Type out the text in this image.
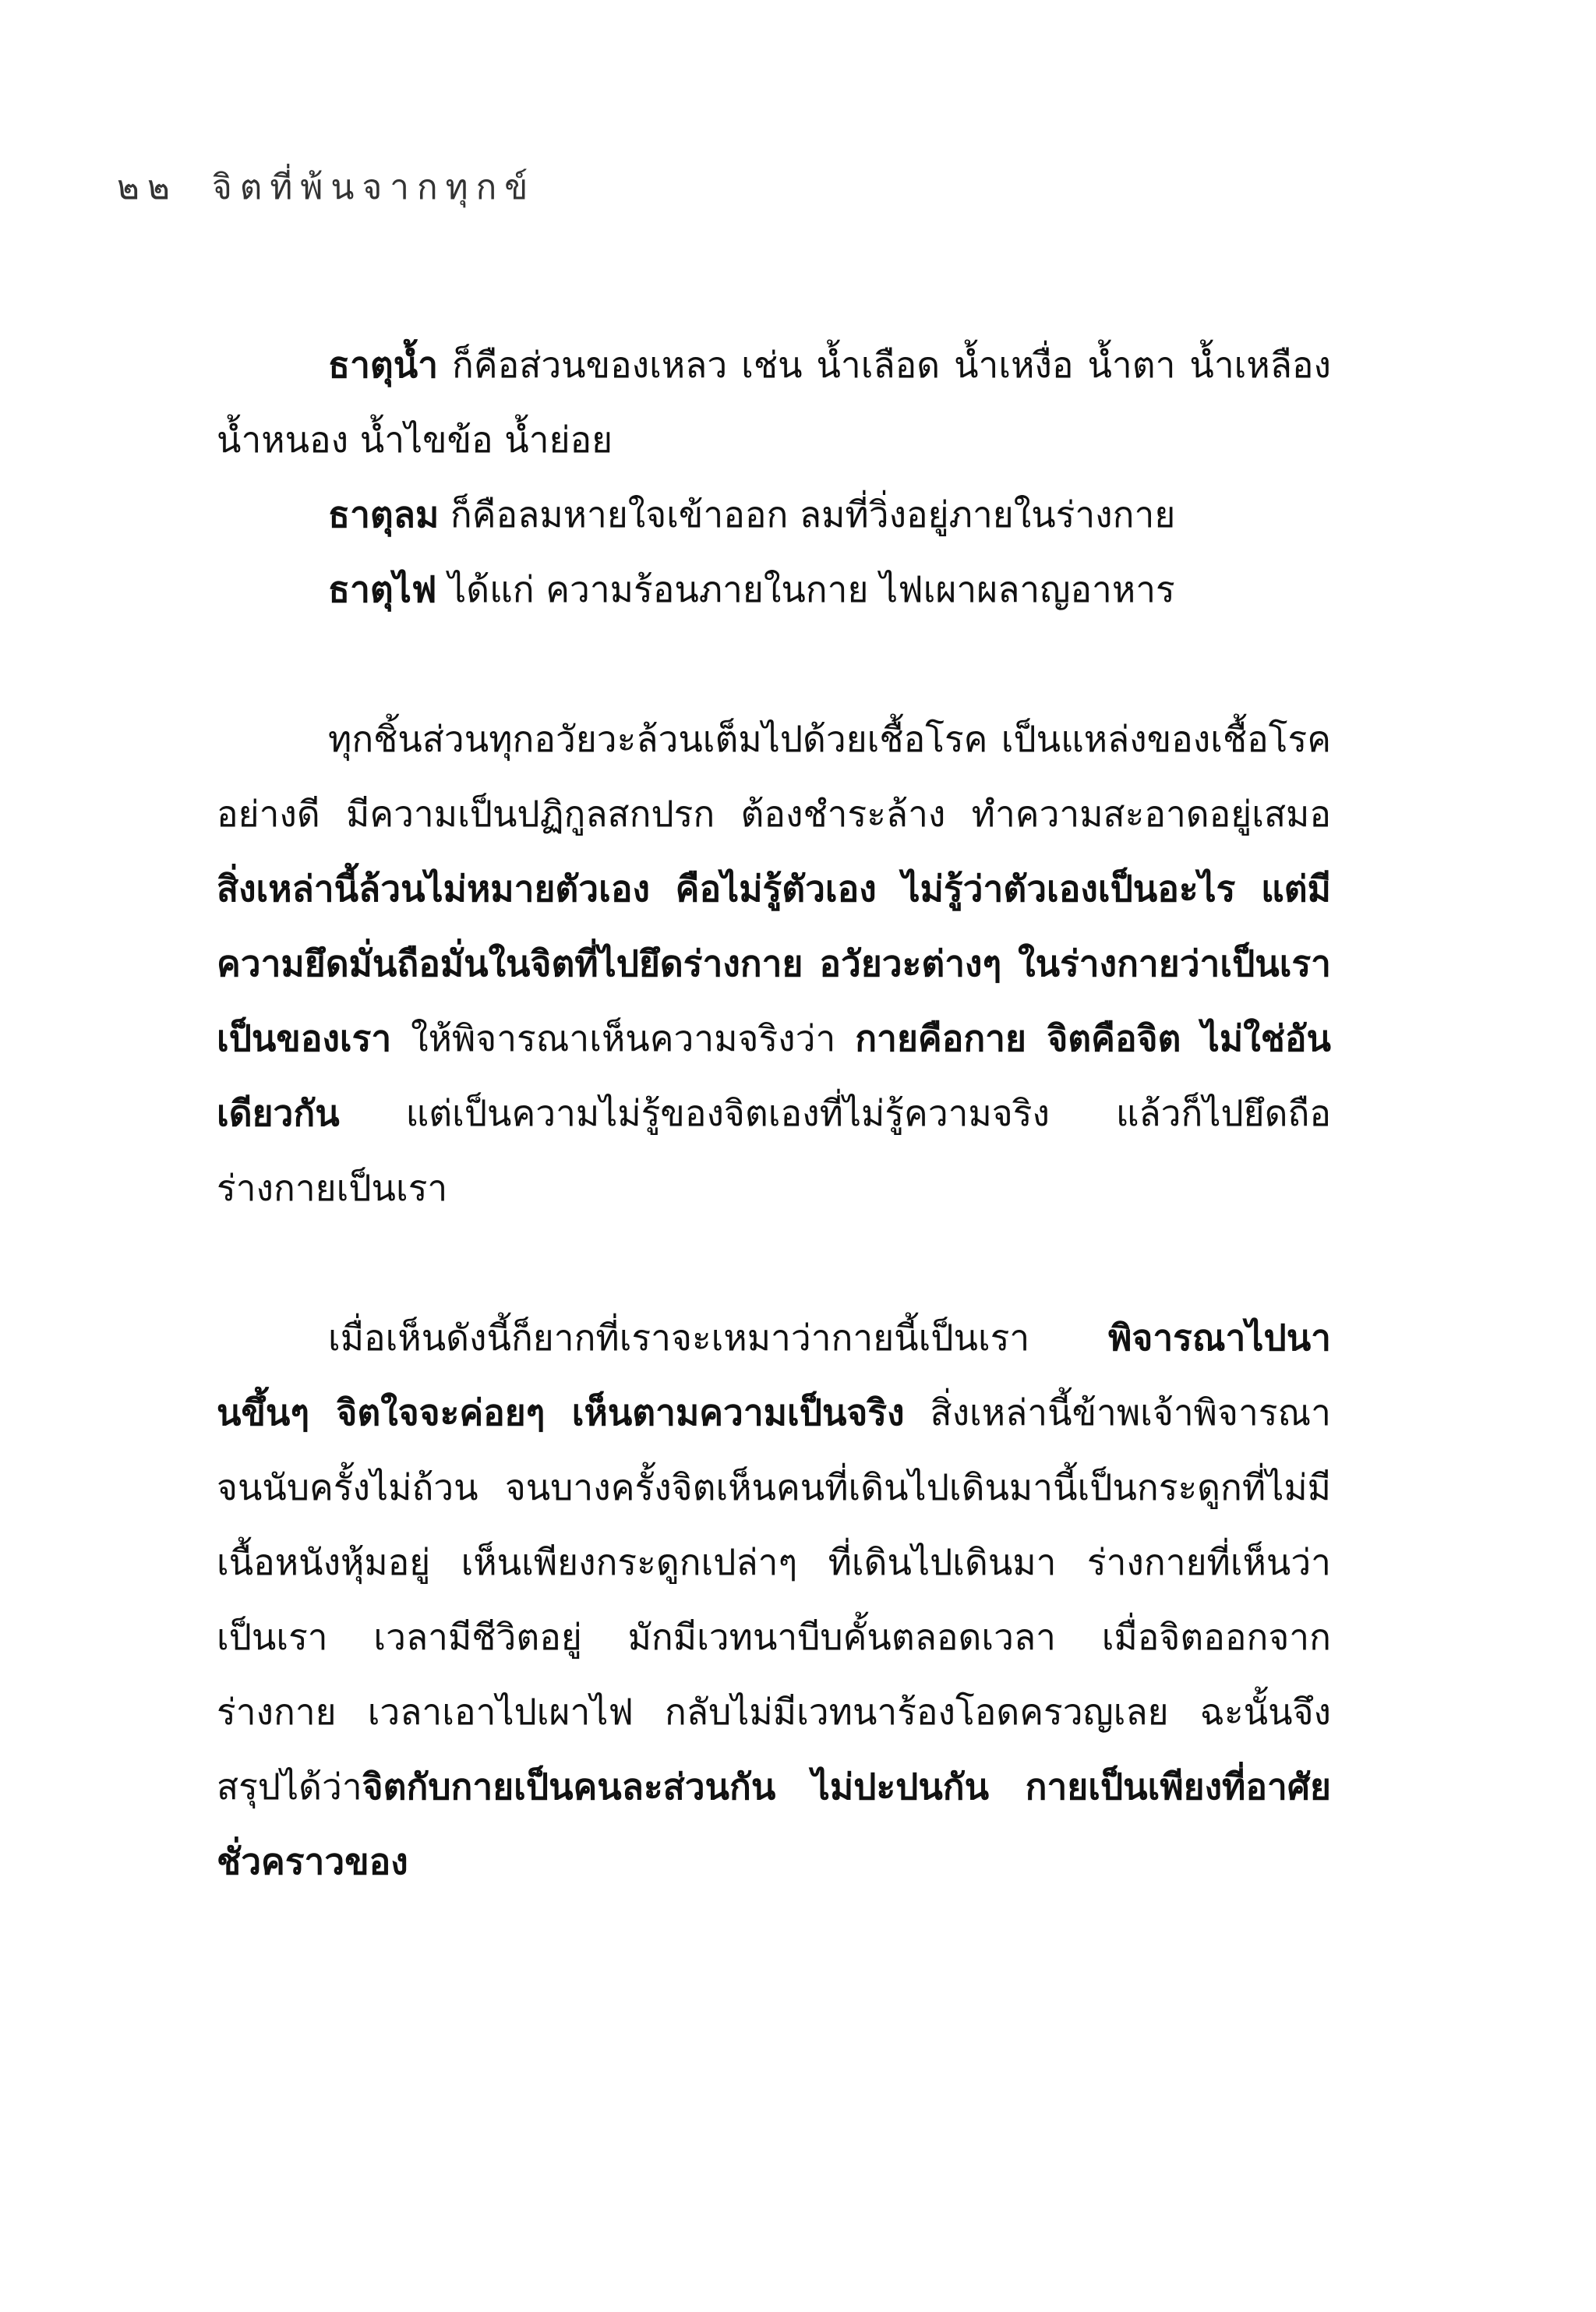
๒๒ จิตที่พ้นจากทุกข์

ธาตุน้ำ ก็คือส่วนของเหลว เช่น น้ำเลือด น้ำเหงื่อ น้ำตา น้ำเหลือง น้ำหนอง น้ำไขข้อ น้ำย่อย

ธาตุลม ก็คือลมหายใจเข้าออก ลมที่วิ่งอยู่ภายในร่างกาย

ธาตุไฟ ได้แก่ ความร้อนภายในกาย ไฟเผาผลาญอาหาร

ทุกชิ้นส่วนทุกอวัยวะล้วนเต็มไปด้วยเชื้อโรค เป็นแหล่งของเชื้อโรคอย่างดี มีความเป็นปฏิกูลสกปรก ต้องชำระล้าง ทำความสะอาดอยู่เสมอ สิ่งเหล่านี้ล้วนไม่หมายตัวเอง คือไม่รู้ตัวเอง ไม่รู้ว่าตัวเองเป็นอะไร แต่มีความยึดมั่นถือมั่นในจิตที่ไปยึดร่างกาย อวัยวะต่างๆ ในร่างกายว่าเป็นเรา เป็นของเรา ให้พิจารณาเห็นความจริงว่า กายคือกาย จิตคือจิต ไม่ใช่อันเดียวกัน แต่เป็นความไม่รู้ของจิตเองที่ไม่รู้ความจริง แล้วก็ไปยึดถือร่างกายเป็นเรา

เมื่อเห็นดังนี้ก็ยากที่เราจะเหมาว่ากายนี้เป็นเรา พิจารณาไปนานขึ้นๆ จิตใจจะค่อยๆ เห็นตามความเป็นจริง สิ่งเหล่านี้ข้าพเจ้าพิจารณาจนนับครั้งไม่ถ้วน จนบางครั้งจิตเห็นคนที่เดินไปเดินมานี้เป็นกระดูกที่ไม่มีเนื้อหนังหุ้มอยู่ เห็นเพียงกระดูกเปล่าๆ ที่เดินไปเดินมา ร่างกายที่เห็นว่าเป็นเรา เวลามีชีวิตอยู่ มักมีเวทนาบีบคั้นตลอดเวลา เมื่อจิตออกจากร่างกาย เวลาเอาไปเผาไฟ กลับไม่มีเวทนาร้องโอดครวญเลย ฉะนั้นจึงสรุปได้ว่าจิตกับกายเป็นคนละส่วนกัน ไม่ปะปนกัน กายเป็นเพียงที่อาศัยชั่วคราวของ
